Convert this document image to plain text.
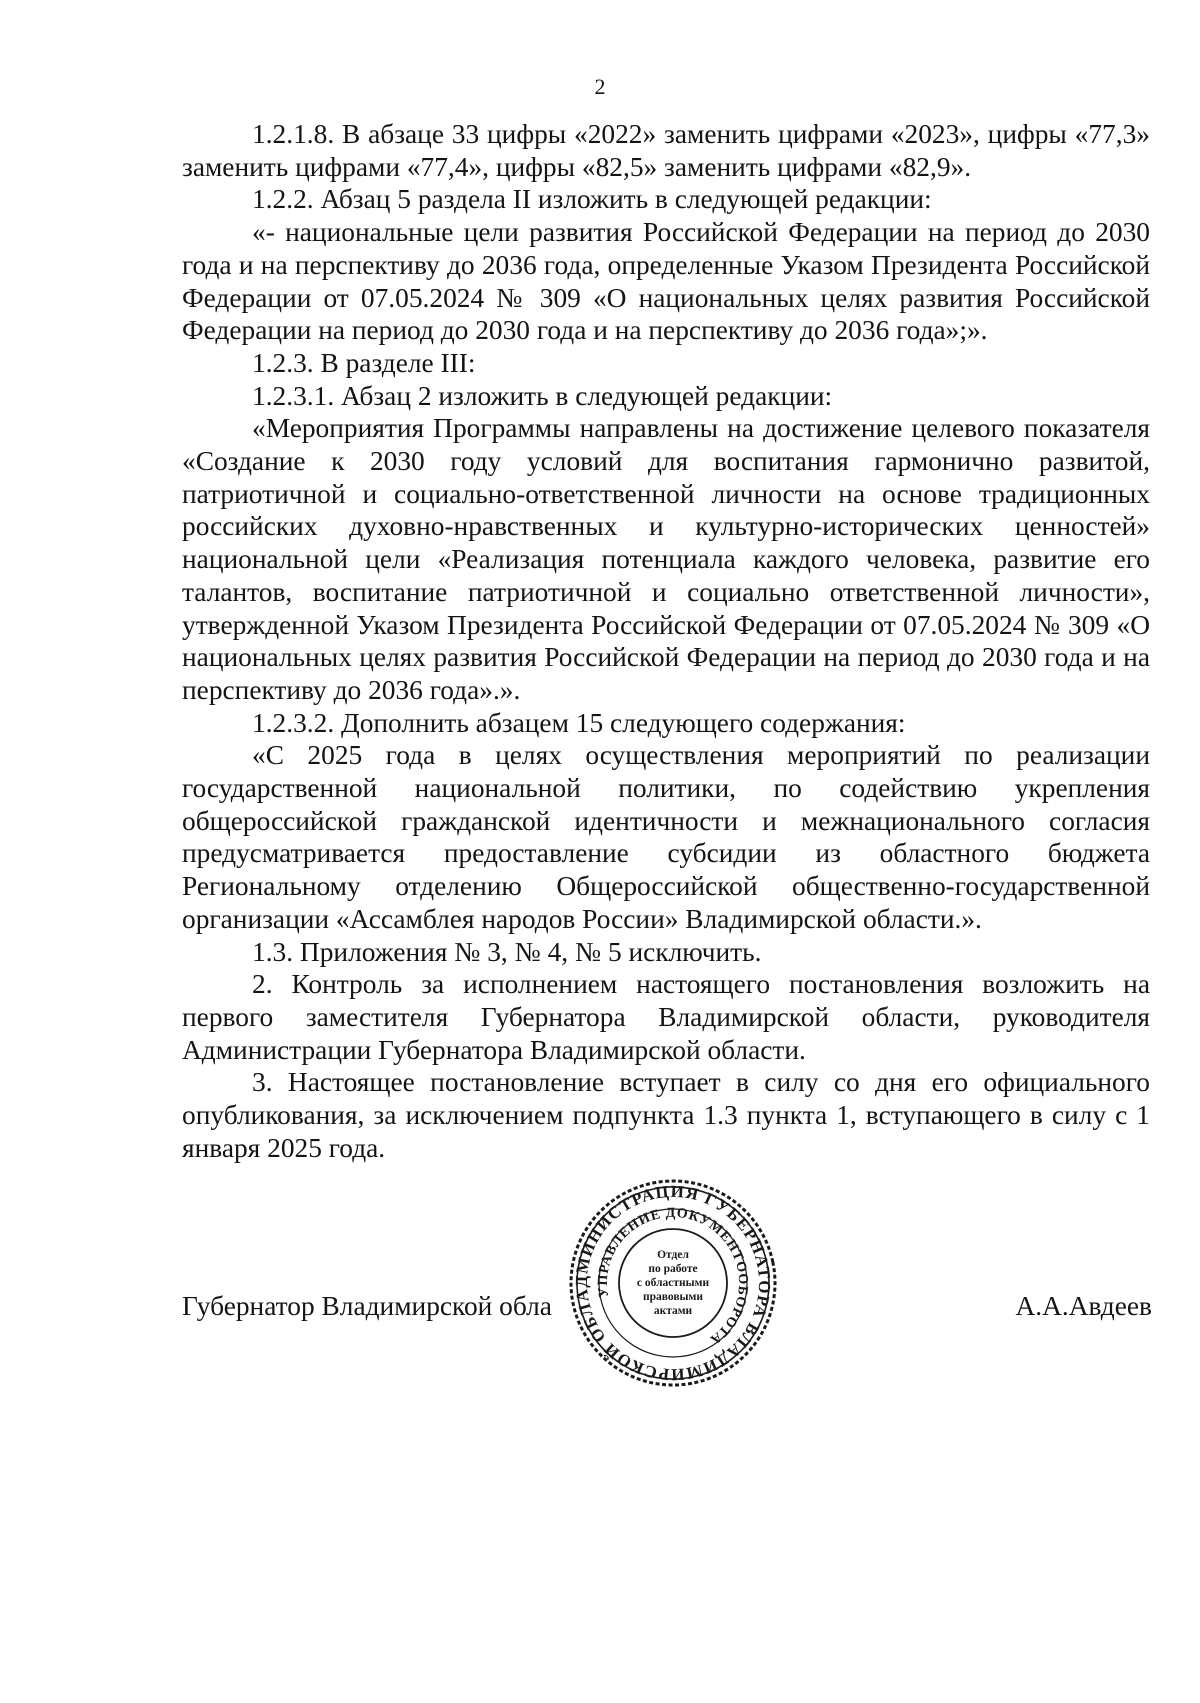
2

1.2.1.8. В абзаце 33 цифры «2022» заменить цифрами «2023», цифры «77,3» заменить цифрами «77,4», цифры «82,5» заменить цифрами «82,9».

1.2.2. Абзац 5 раздела II изложить в следующей редакции:

«- национальные цели развития Российской Федерации на период до 2030 года и на перспективу до 2036 года, определенные Указом Президента Российской Федерации от 07.05.2024 № 309 «О национальных целях развития Российской Федерации на период до 2030 года и на перспективу до 2036 года»;».

1.2.3. В разделе III:

1.2.3.1. Абзац 2 изложить в следующей редакции:

«Мероприятия Программы направлены на достижение целевого показателя «Создание к 2030 году условий для воспитания гармонично развитой, патриотичной и социально-ответственной личности на основе традиционных российских духовно-нравственных и культурно-исторических ценностей» национальной цели «Реализация потенциала каждого человека, развитие его талантов, воспитание патриотичной и социально ответственной личности», утвержденной Указом Президента Российской Федерации от 07.05.2024 № 309 «О национальных целях развития Российской Федерации на период до 2030 года и на перспективу до 2036 года».».

1.2.3.2. Дополнить абзацем 15 следующего содержания:

«С 2025 года в целях осуществления мероприятий по реализации государственной национальной политики, по содействию укрепления общероссийской гражданской идентичности и межнационального согласия предусматривается предоставление субсидии из областного бюджета Региональному отделению Общероссийской общественно-государственной организации «Ассамблея народов России» Владимирской области.».

1.3. Приложения № 3, № 4, № 5 исключить.

2. Контроль за исполнением настоящего постановления возложить на первого заместителя Губернатора Владимирской области, руководителя Администрации Губернатора Владимирской области.

3. Настоящее постановление вступает в силу со дня его официального опубликования, за исключением подпункта 1.3 пункта 1, вступающего в силу с 1 января 2025 года.

Губернатор Владимирской обла	А.А.Авдеев
АДМИНИСТРАЦИЯ ГУБЕРНАТОРА ВЛАДИМИРСКОЙ ОБЛАСТИ
УПРАВЛЕНИЕ ДОКУМЕНТООБОРОТА
Отдел
по работе
с областными
правовыми
актами
